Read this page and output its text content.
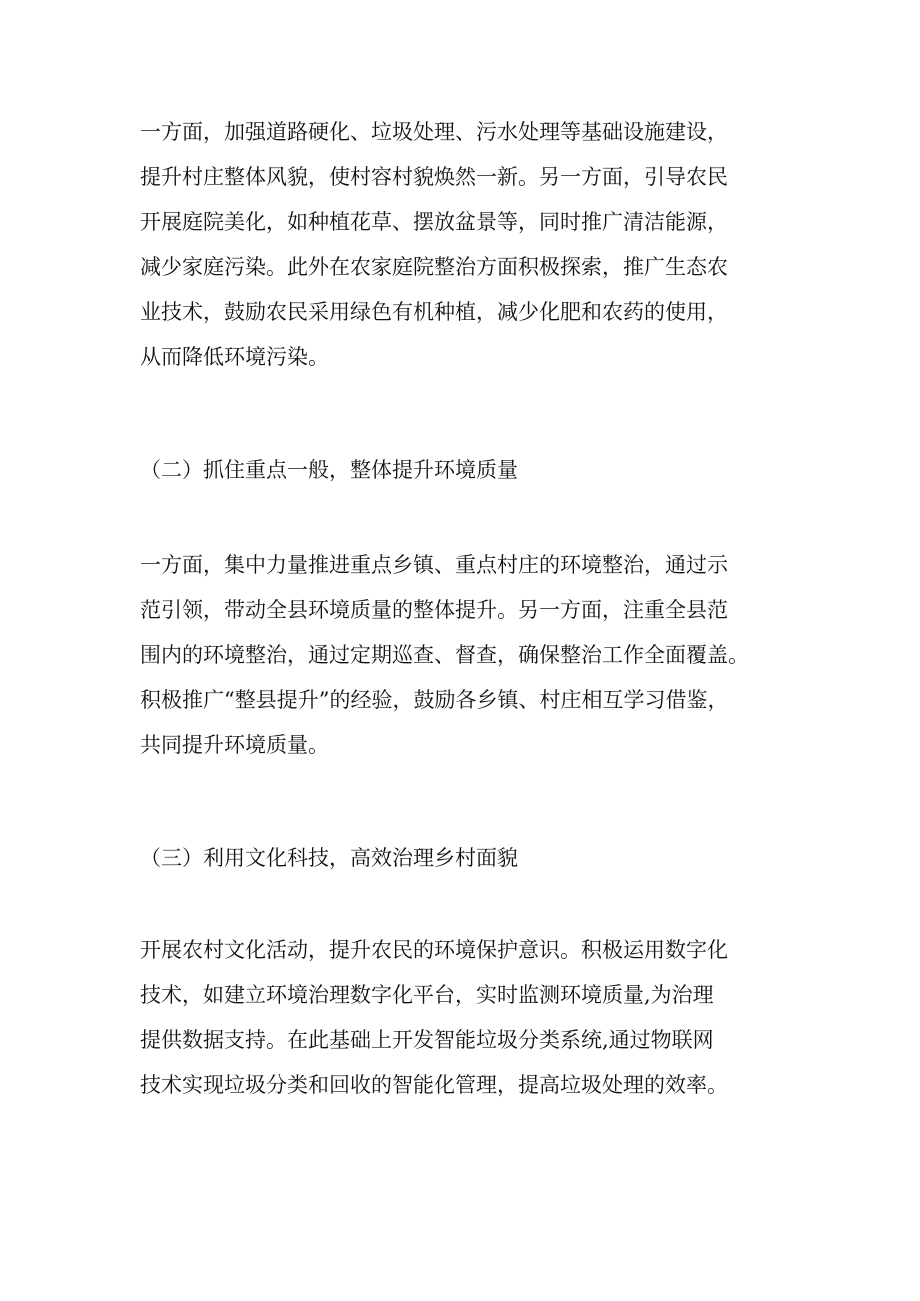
一方面，加强道路硬化、垃圾处理、污水处理等基础设施建设，
提升村庄整体风貌，使村容村貌焕然一新。另一方面，引导农民
开展庭院美化，如种植花草、摆放盆景等，同时推广清洁能源，
减少家庭污染。此外在农家庭院整治方面积极探索，推广生态农
业技术，鼓励农民采用绿色有机种植，减少化肥和农药的使用，
从而降低环境污染。

（二）抓住重点一般，整体提升环境质量

一方面，集中力量推进重点乡镇、重点村庄的环境整治，通过示
范引领，带动全县环境质量的整体提升。另一方面，注重全县范
围内的环境整治，通过定期巡查、督查，确保整治工作全面覆盖。
积极推广“整县提升”的经验，鼓励各乡镇、村庄相互学习借鉴，
共同提升环境质量。

（三）利用文化科技，高效治理乡村面貌

开展农村文化活动，提升农民的环境保护意识。积极运用数字化
技术，如建立环境治理数字化平台，实时监测环境质量,为治理
提供数据支持。在此基础上开发智能垃圾分类系统,通过物联网
技术实现垃圾分类和回收的智能化管理，提高垃圾处理的效率。
